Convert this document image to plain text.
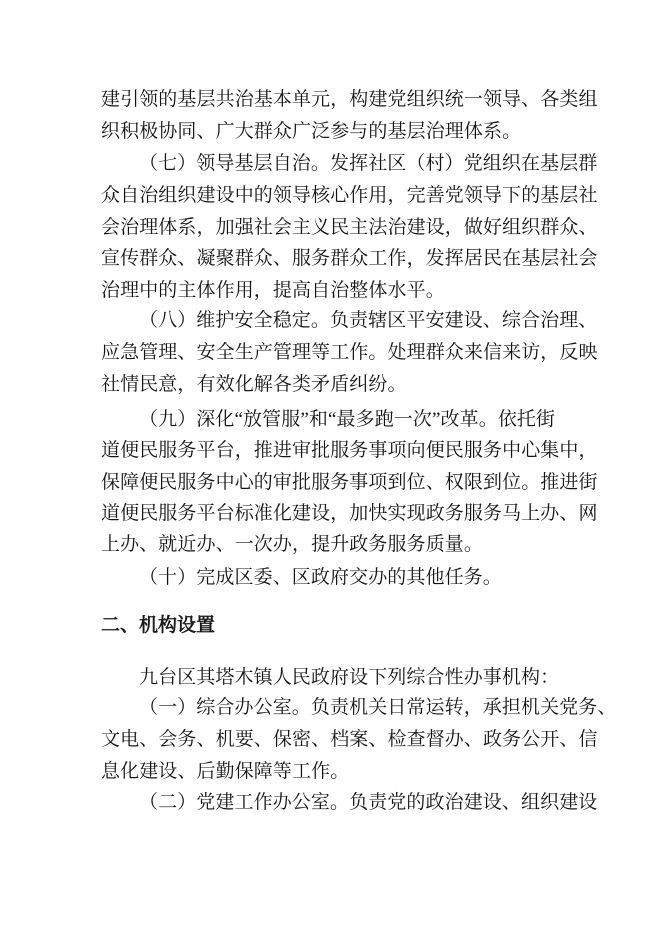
建引领的基层共治基本单元，构建党组织统一领导、各类组
织积极协同、广大群众广泛参与的基层治理体系。
（七）领导基层自治。发挥社区（村）党组织在基层群
众自治组织建设中的领导核心作用，完善党领导下的基层社
会治理体系，加强社会主义民主法治建设，做好组织群众、
宣传群众、凝聚群众、服务群众工作，发挥居民在基层社会
治理中的主体作用，提高自治整体水平。
（八）维护安全稳定。负责辖区平安建设、综合治理、
应急管理、安全生产管理等工作。处理群众来信来访，反映
社情民意，有效化解各类矛盾纠纷。
（九）深化“放管服”和“最多跑一次”改革。依托街
道便民服务平台，推进审批服务事项向便民服务中心集中，
保障便民服务中心的审批服务事项到位、权限到位。推进街
道便民服务平台标准化建设，加快实现政务服务马上办、网
上办、就近办、一次办，提升政务服务质量。
（十）完成区委、区政府交办的其他任务。
二、机构设置
九台区其塔木镇人民政府设下列综合性办事机构：
（一）综合办公室。负责机关日常运转，承担机关党务、
文电、会务、机要、保密、档案、检查督办、政务公开、信
息化建设、后勤保障等工作。
（二）党建工作办公室。负责党的政治建设、组织建设
